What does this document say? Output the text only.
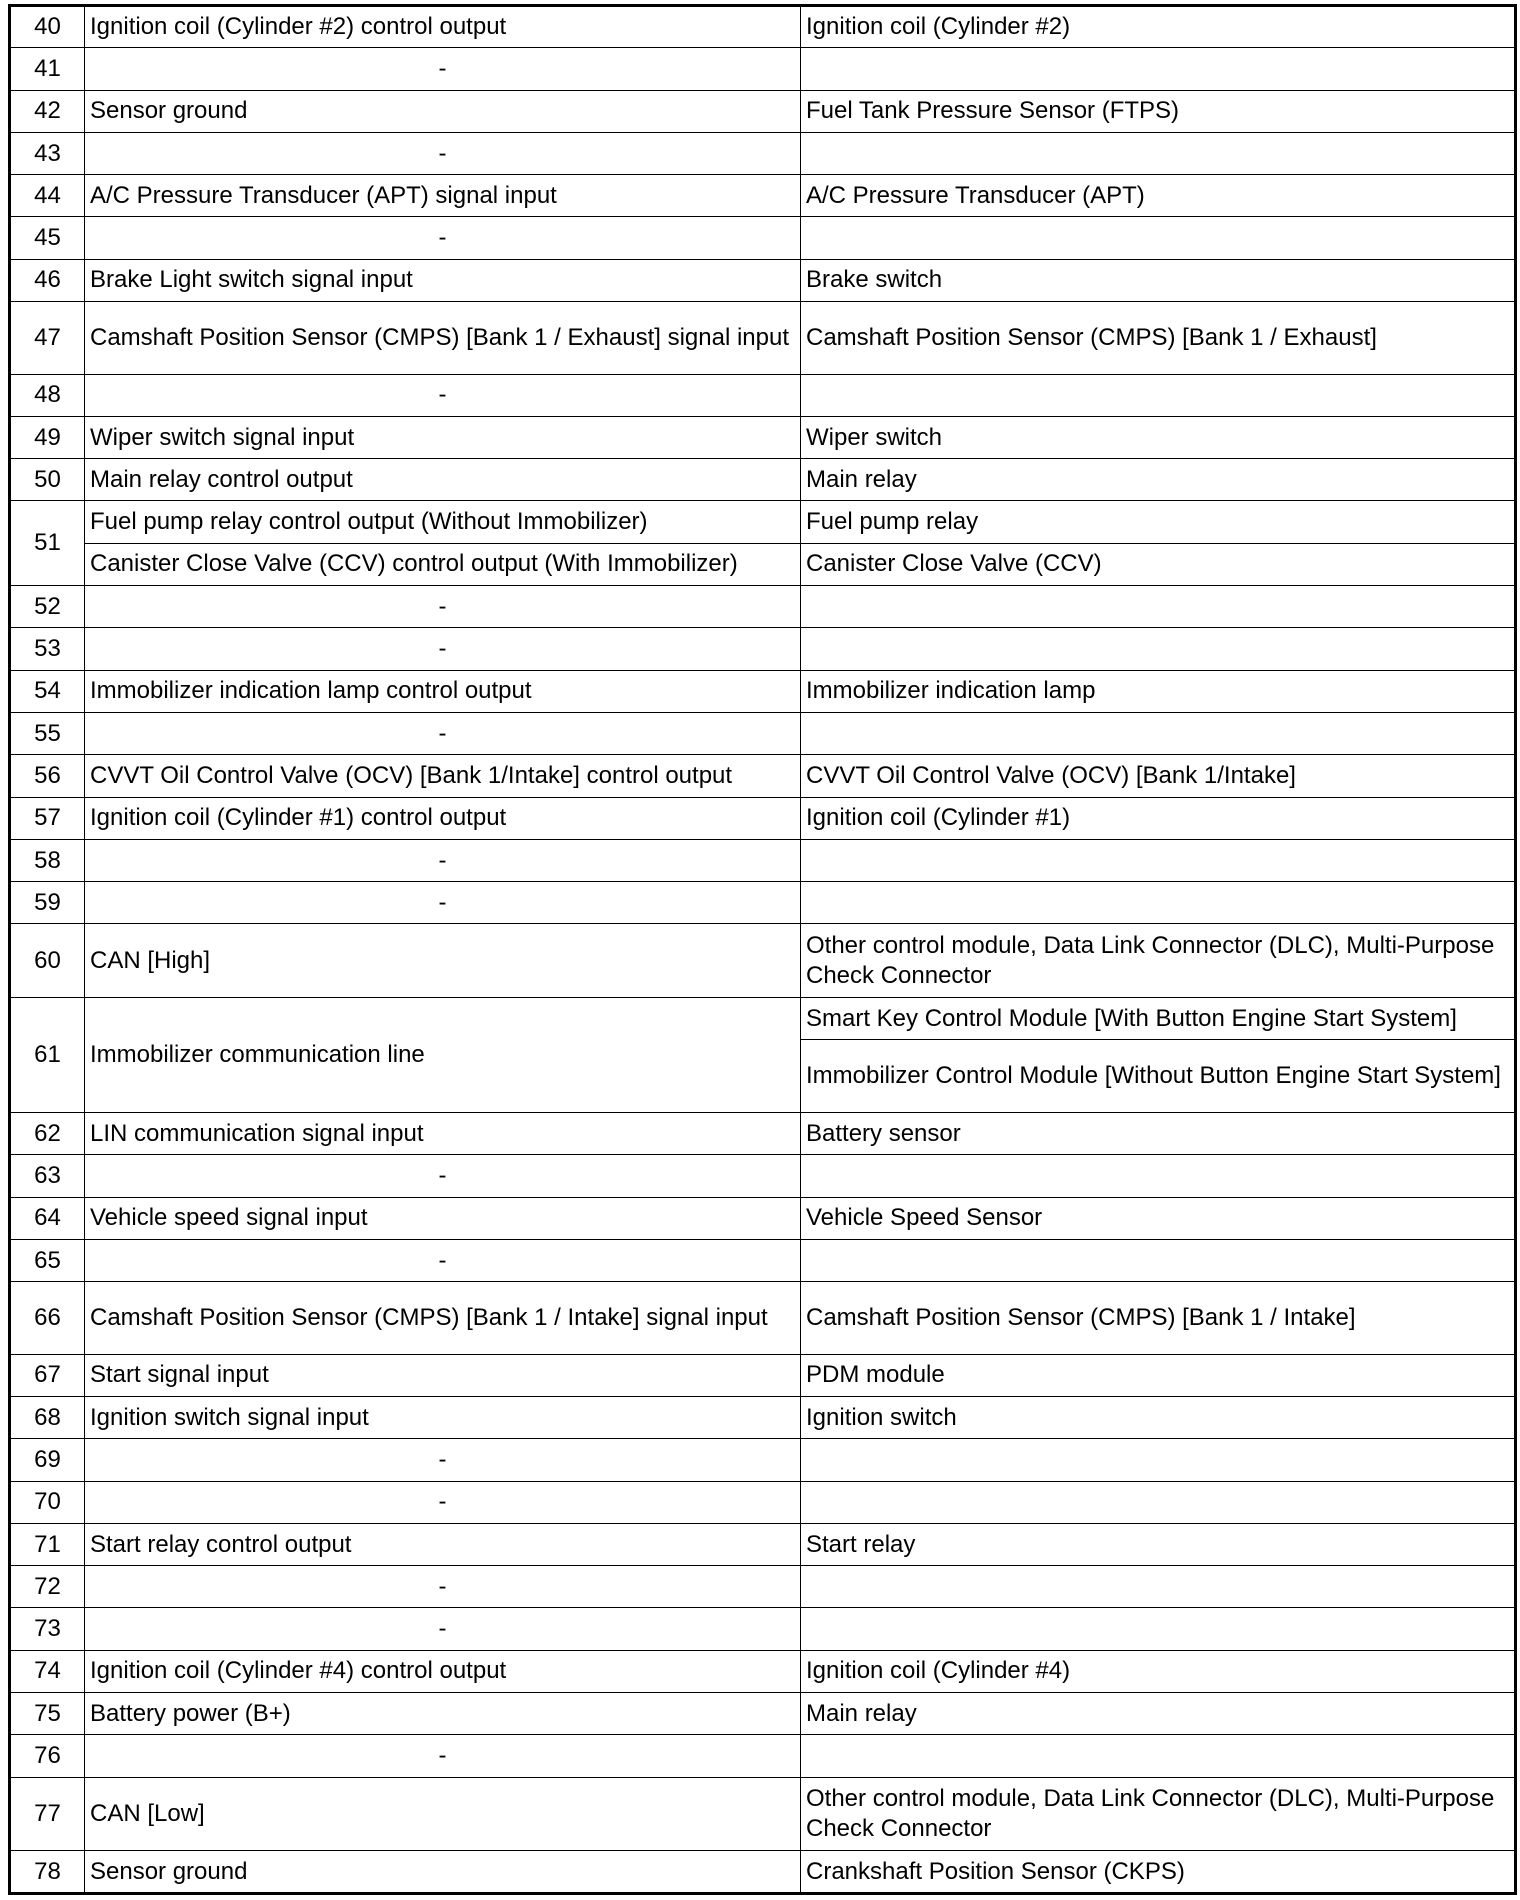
40	Ignition coil (Cylinder #2) control output	Ignition coil (Cylinder #2)
41	-	
42	Sensor ground	Fuel Tank Pressure Sensor (FTPS)
43	-	
44	A/C Pressure Transducer (APT) signal input	A/C Pressure Transducer (APT)
45	-	
46	Brake Light switch signal input	Brake switch
47	Camshaft Position Sensor (CMPS) [Bank 1 / Exhaust] signal input	Camshaft Position Sensor (CMPS) [Bank 1 / Exhaust]
48	-	
49	Wiper switch signal input	Wiper switch
50	Main relay control output	Main relay
51	Fuel pump relay control output (Without Immobilizer)	Fuel pump relay
	Canister Close Valve (CCV) control output (With Immobilizer)	Canister Close Valve (CCV)
52	-	
53	-	
54	Immobilizer indication lamp control output	Immobilizer indication lamp
55	-	
56	CVVT Oil Control Valve (OCV) [Bank 1/Intake] control output	CVVT Oil Control Valve (OCV) [Bank 1/Intake]
57	Ignition coil (Cylinder #1) control output	Ignition coil (Cylinder #1)
58	-	
59	-	
60	CAN [High]	Other control module, Data Link Connector (DLC), Multi-Purpose Check Connector
61	Immobilizer communication line	Smart Key Control Module [With Button Engine Start System]
		Immobilizer Control Module [Without Button Engine Start System]
62	LIN communication signal input	Battery sensor
63	-	
64	Vehicle speed signal input	Vehicle Speed Sensor
65	-	
66	Camshaft Position Sensor (CMPS) [Bank 1 / Intake] signal input	Camshaft Position Sensor (CMPS) [Bank 1 / Intake]
67	Start signal input	PDM module
68	Ignition switch signal input	Ignition switch
69	-	
70	-	
71	Start relay control output	Start relay
72	-	
73	-	
74	Ignition coil (Cylinder #4) control output	Ignition coil (Cylinder #4)
75	Battery power (B+)	Main relay
76	-	
77	CAN [Low]	Other control module, Data Link Connector (DLC), Multi-Purpose Check Connector
78	Sensor ground	Crankshaft Position Sensor (CKPS)
